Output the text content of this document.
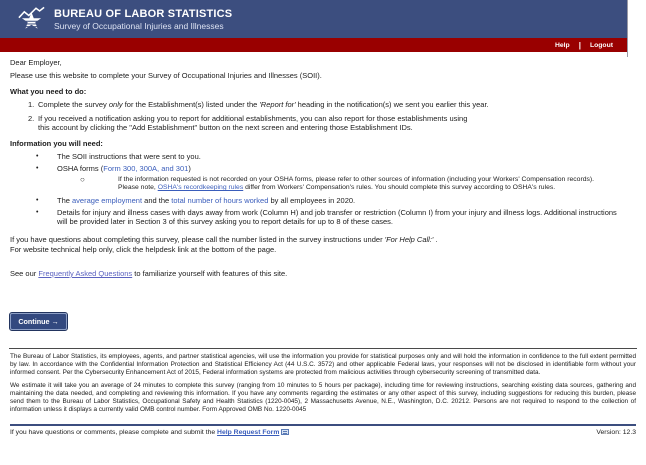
BUREAU OF LABOR STATISTICS
Survey of Occupational Injuries and Illnesses
Help | Logout
Dear Employer,
Please use this website to complete your Survey of Occupational Injuries and Illnesses (SOII).
What you need to do:
1. Complete the survey only for the Establishment(s) listed under the 'Report for' heading in the notification(s) we sent you earlier this year.
2. If you received a notification asking you to report for additional establishments, you can also report for those establishments using this account by clicking the "Add Establishment" button on the next screen and entering those Establishment IDs.
Information you will need:
•	The SOII instructions that were sent to you.
•	OSHA forms (Form 300, 300A, and 301)
○	If the information requested is not recorded on your OSHA forms, please refer to other sources of information (including your Workers' Compensation records).
Please note, OSHA's recordkeeping rules differ from Workers' Compensation's rules. You should complete this survey according to OSHA's rules.
•	The average employment and the total number of hours worked by all employees in 2020.
•	Details for injury and illness cases with days away from work (Column H) and job transfer or restriction (Column I) from your injury and illness logs. Additional instructions will be provided later in Section 3 of this survey asking you to report details for up to 8 of these cases.
If you have questions about completing this survey, please call the number listed in the survey instructions under 'For Help Call:' .
For website technical help only, click the helpdesk link at the bottom of the page.
See our Frequently Asked Questions to familiarize yourself with features of this site.
Continue →
The Bureau of Labor Statistics, its employees, agents, and partner statistical agencies, will use the information you provide for statistical purposes only and will hold the information in confidence to the full extent permitted by law. In accordance with the Confidential Information Protection and Statistical Efficiency Act (44 U.S.C. 3572) and other applicable Federal laws, your responses will not be disclosed in identifiable form without your informed consent. Per the Cybersecurity Enhancement Act of 2015, Federal information systems are protected from malicious activities through cybersecurity screening of transmitted data.
We estimate it will take you an average of 24 minutes to complete this survey (ranging from 10 minutes to 5 hours per package), including time for reviewing instructions, searching existing data sources, gathering and maintaining the data needed, and completing and reviewing this information. If you have any comments regarding the estimates or any other aspect of this survey, including suggestions for reducing this burden, please send them to the Bureau of Labor Statistics, Occupational Safety and Health Statistics (1220-0045), 2 Massachusetts Avenue, N.E., Washington, D.C. 20212. Persons are not required to respond to the collection of information unless it displays a currently valid OMB control number. Form Approved OMB No. 1220-0045
If you have questions or comments, please complete and submit the Help Request Form	Version: 12.3
